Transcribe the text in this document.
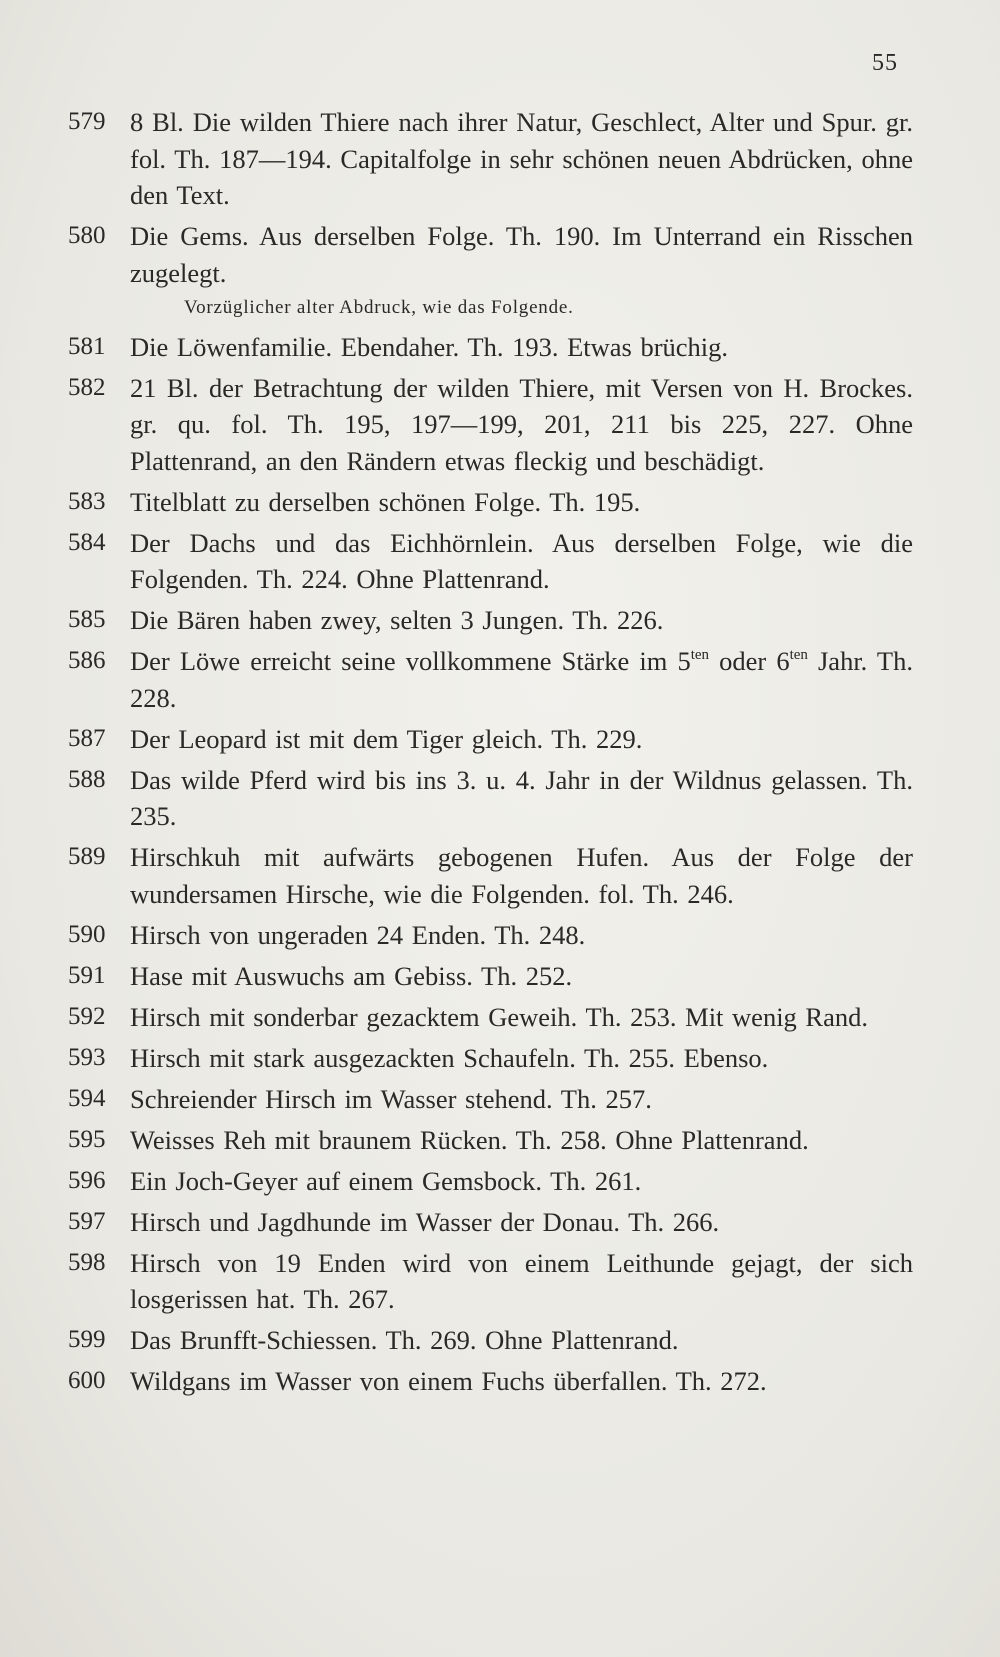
55
579 8 Bl. Die wilden Thiere nach ihrer Natur, Geschlect, Alter und Spur. gr. fol. Th. 187—194. Capitalfolge in sehr schönen neuen Abdrücken, ohne den Text.
580 Die Gems. Aus derselben Folge. Th. 190. Im Unterrand ein Risschen zugelegt.
Vorzüglicher alter Abdruck, wie das Folgende.
581 Die Löwenfamilie. Ebendaher. Th. 193. Etwas brüchig.
582 21 Bl. der Betrachtung der wilden Thiere, mit Versen von H. Brockes. gr. qu. fol. Th. 195, 197—199, 201, 211 bis 225, 227. Ohne Plattenrand, an den Rändern etwas fleckig und beschädigt.
583 Titelblatt zu derselben schönen Folge. Th. 195.
584 Der Dachs und das Eichhörnlein. Aus derselben Folge, wie die Folgenden. Th. 224. Ohne Plattenrand.
585 Die Bären haben zwey, selten 3 Jungen. Th. 226.
586 Der Löwe erreicht seine vollkommene Stärke im $5^{ten}$ oder $6^{ten}$ Jahr. Th. 228.
587 Der Leopard ist mit dem Tiger gleich. Th. 229.
588 Das wilde Pferd wird bis ins 3. u. 4. Jahr in der Wildnus gelassen. Th. 235.
589 Hirschkuh mit aufwärts gebogenen Hufen. Aus der Folge der wundersamen Hirsche, wie die Folgenden. fol. Th. 246.
590 Hirsch von ungeraden 24 Enden. Th. 248.
591 Hase mit Auswuchs am Gebiss. Th. 252.
592 Hirsch mit sonderbar gezacktem Geweih. Th. 253. Mit wenig Rand.
593 Hirsch mit stark ausgezackten Schaufeln. Th. 255. Ebenso.
594 Schreiender Hirsch im Wasser stehend. Th. 257.
595 Weisses Reh mit braunem Rücken. Th. 258. Ohne Plattenrand.
596 Ein Joch-Geyer auf einem Gemsbock. Th. 261.
597 Hirsch und Jagdhunde im Wasser der Donau. Th. 266.
598 Hirsch von 19 Enden wird von einem Leithunde gejagt, der sich losgerissen hat. Th. 267.
599 Das Brunfft-Schiessen. Th. 269. Ohne Plattenrand.
600 Wildgans im Wasser von einem Fuchs überfallen. Th. 272.
